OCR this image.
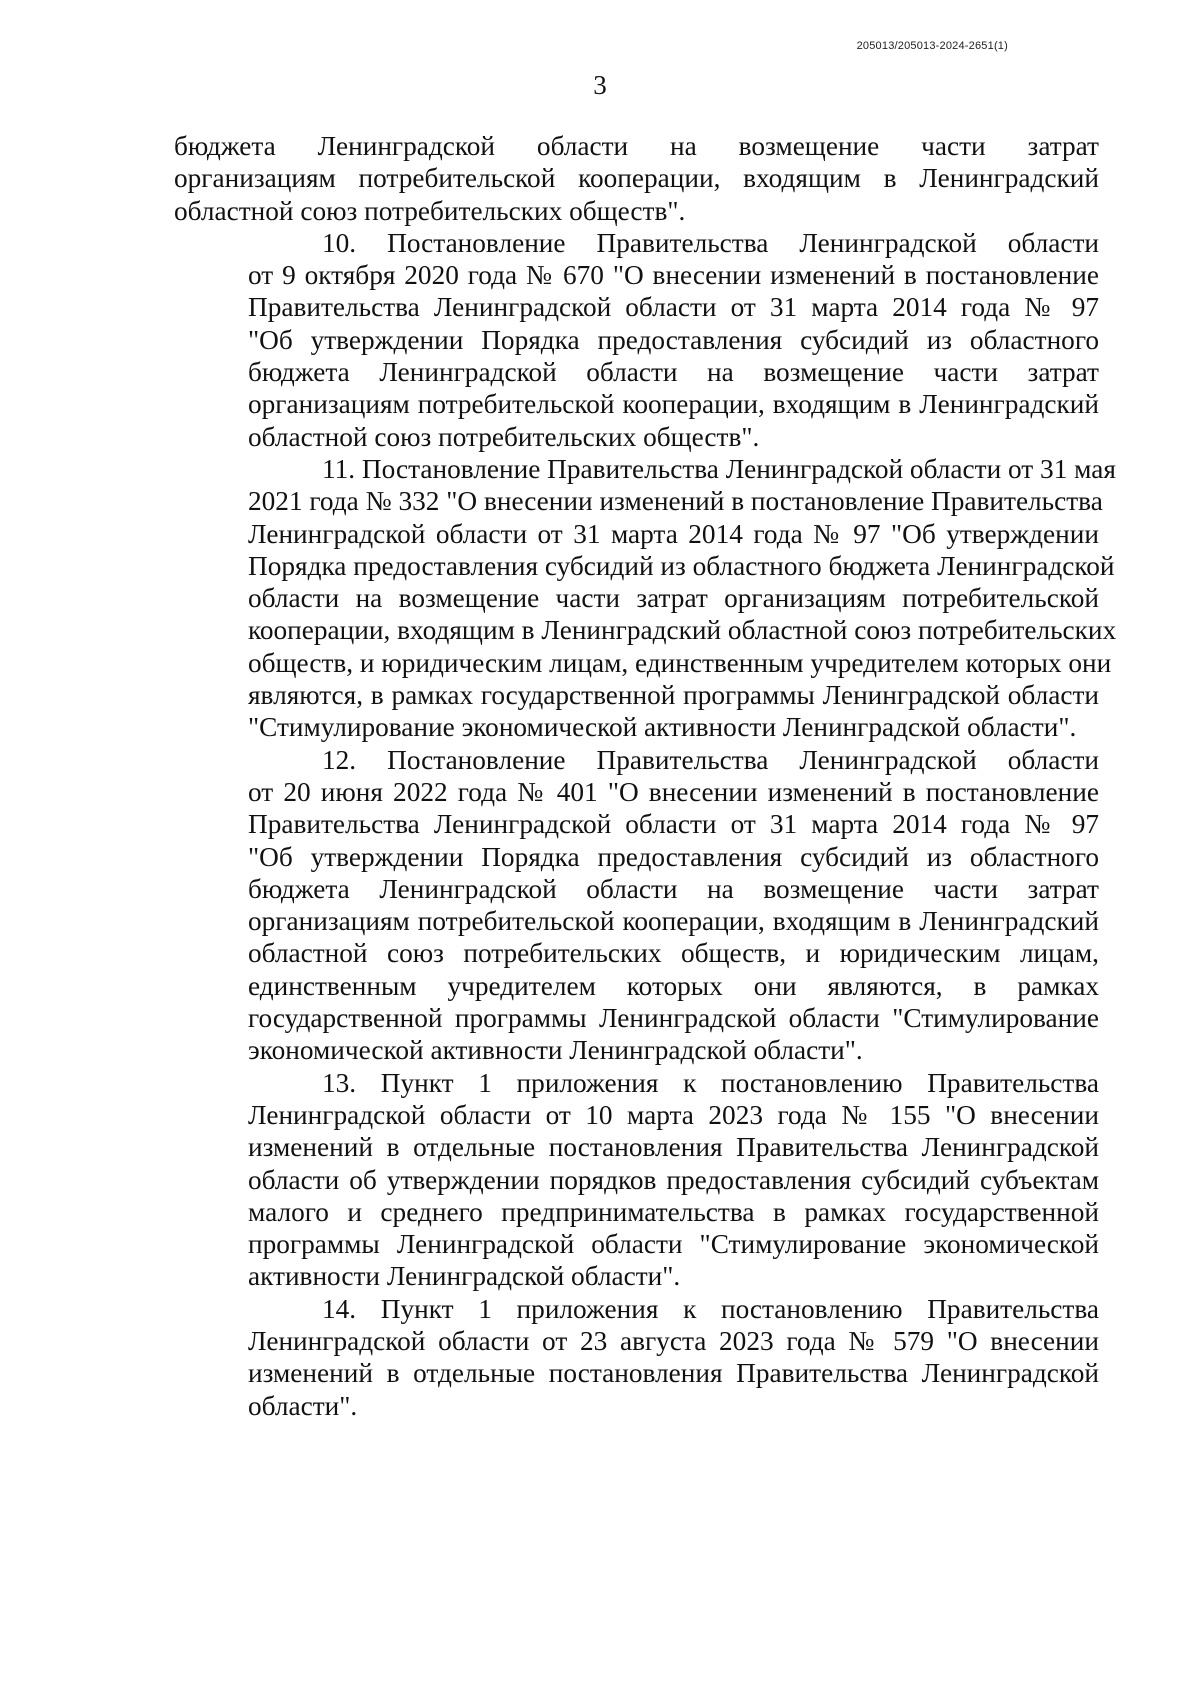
205013/205013-2024-2651(1)
3
бюджета Ленинградской области на возмещение части затрат
организациям потребительской кооперации, входящим в Ленинградский
областной союз потребительских обществ".
10. Постановление Правительства Ленинградской области
от 9 октября 2020 года № 670 "О внесении изменений в постановление
Правительства Ленинградской области от 31 марта 2014 года № 97
"Об утверждении Порядка предоставления субсидий из областного
бюджета Ленинградской области на возмещение части затрат
организациям потребительской кооперации, входящим в Ленинградский
областной союз потребительских обществ".
11. Постановление Правительства Ленинградской области от 31 мая
2021 года № 332 "О внесении изменений в постановление Правительства
Ленинградской области от 31 марта 2014 года № 97 "Об утверждении
Порядка предоставления субсидий из областного бюджета Ленинградской
области на возмещение части затрат организациям потребительской
кооперации, входящим в Ленинградский областной союз потребительских
обществ, и юридическим лицам, единственным учредителем которых они
являются, в рамках государственной программы Ленинградской области
"Стимулирование экономической активности Ленинградской области".
12. Постановление Правительства Ленинградской области
от 20 июня 2022 года № 401 "О внесении изменений в постановление
Правительства Ленинградской области от 31 марта 2014 года № 97
"Об утверждении Порядка предоставления субсидий из областного
бюджета Ленинградской области на возмещение части затрат
организациям потребительской кооперации, входящим в Ленинградский
областной союз потребительских обществ, и юридическим лицам,
единственным учредителем которых они являются, в рамках
государственной программы Ленинградской области "Стимулирование
экономической активности Ленинградской области".
13. Пункт 1 приложения к постановлению Правительства
Ленинградской области от 10 марта 2023 года № 155 "О внесении
изменений в отдельные постановления Правительства Ленинградской
области об утверждении порядков предоставления субсидий субъектам
малого и среднего предпринимательства в рамках государственной
программы Ленинградской области "Стимулирование экономической
активности Ленинградской области".
14. Пункт 1 приложения к постановлению Правительства
Ленинградской области от 23 августа 2023 года № 579 "О внесении
изменений в отдельные постановления Правительства Ленинградской
области".
